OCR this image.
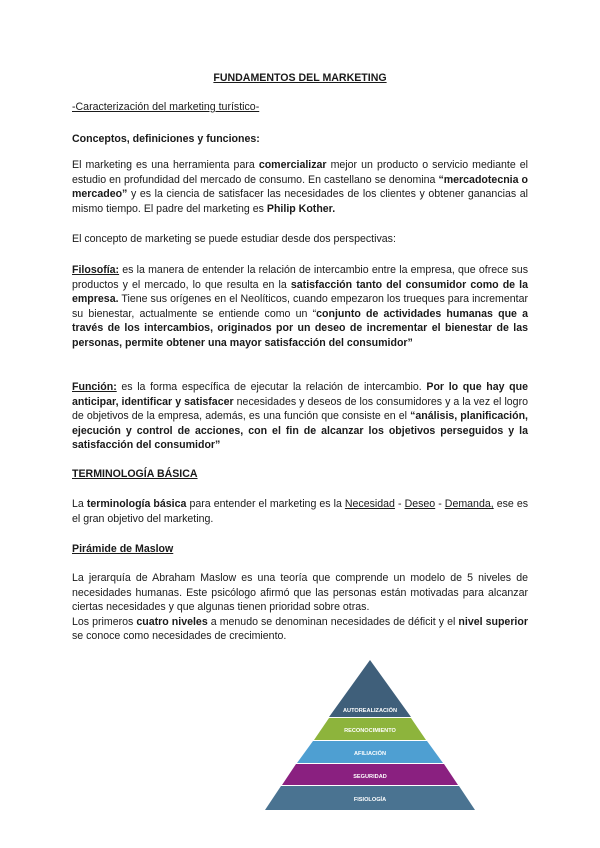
FUNDAMENTOS DEL MARKETING
-Caracterización del marketing turístico-
Conceptos, definiciones y funciones:
El marketing es una herramienta para comercializar mejor un producto o servicio mediante el estudio en profundidad del mercado de consumo. En castellano se denomina “mercadotecnia o mercadeo” y es la ciencia de satisfacer las necesidades de los clientes y obtener ganancias al mismo tiempo. El padre del marketing es Philip Kother.
El concepto de marketing se puede estudiar desde dos perspectivas:
Filosofía: es la manera de entender la relación de intercambio entre la empresa, que ofrece sus productos y el mercado, lo que resulta en la satisfacción tanto del consumidor como de la empresa. Tiene sus orígenes en el Neolíticos, cuando empezaron los trueques para incrementar su bienestar, actualmente se entiende como un “conjunto de actividades humanas que a través de los intercambios, originados por un deseo de incrementar el bienestar de las personas, permite obtener una mayor satisfacción del consumidor”
Función: es la forma específica de ejecutar la relación de intercambio. Por lo que hay que anticipar, identificar y satisfacer necesidades y deseos de los consumidores y a la vez el logro de objetivos de la empresa, además, es una función que consiste en el “análisis, planificación, ejecución y control de acciones, con el fin de alcanzar los objetivos perseguidos y la satisfacción del consumidor”
TERMINOLOGÍA BÁSICA
La terminología básica para entender el marketing es la Necesidad - Deseo - Demanda, ese es el gran objetivo del marketing.
Pirámide de Maslow
La jerarquía de Abraham Maslow es una teoría que comprende un modelo de 5 niveles de necesidades humanas. Este psicólogo afirmó que las personas están motivadas para alcanzar ciertas necesidades y que algunas tienen prioridad sobre otras.
Los primeros cuatro niveles a menudo se denominan necesidades de déficit y el nivel superior se conoce como necesidades de crecimiento.
AUTOREALIZACIÓN
RECONOCIMIENTO
AFILIACIÓN
SEGURIDAD
FISIOLOGÍA
